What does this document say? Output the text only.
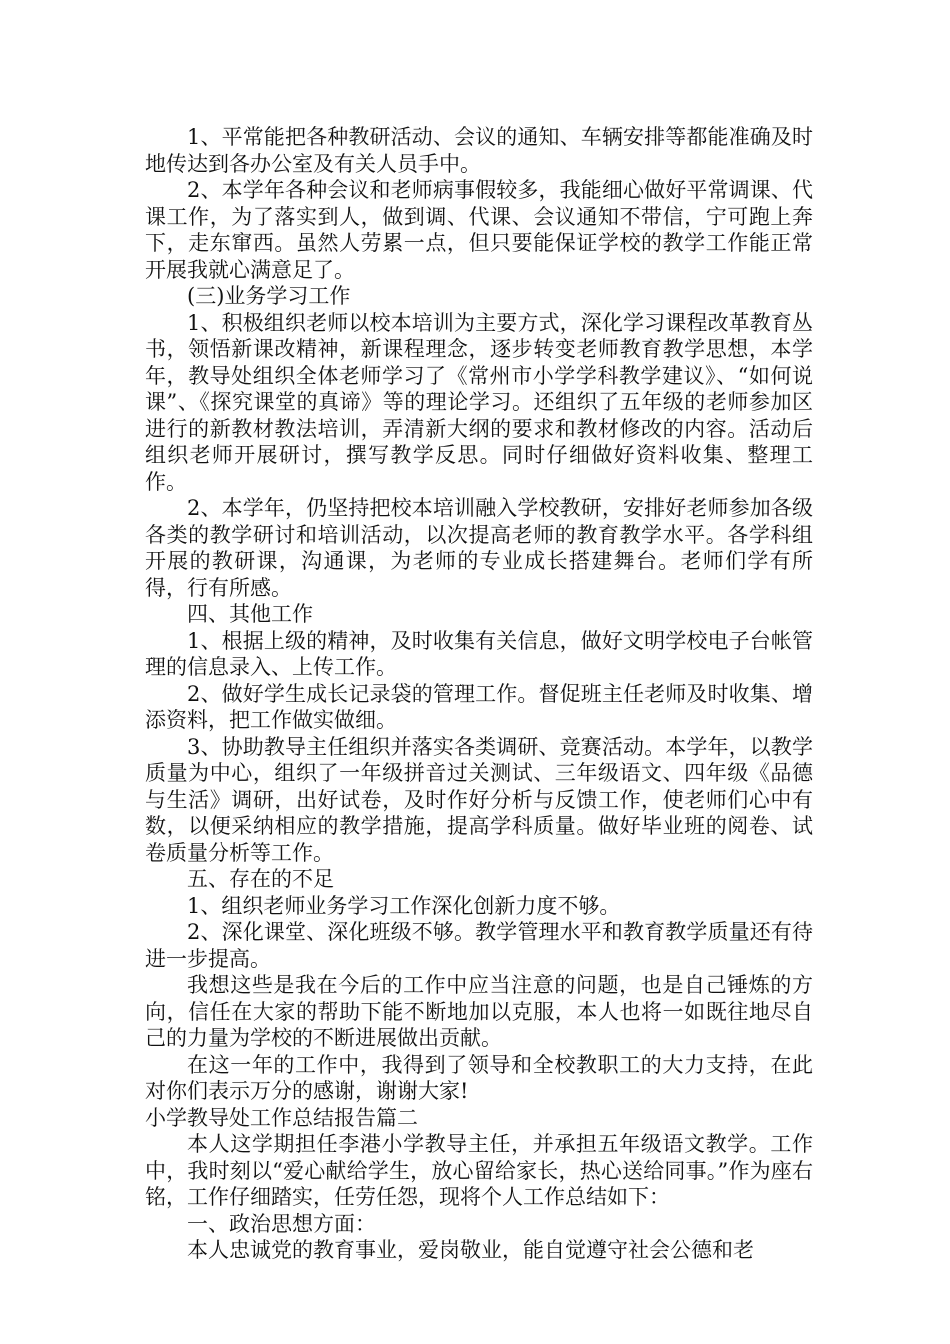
1、平常能把各种教研活动、会议的通知、车辆安排等都能准确及时地传达到各办公室及有关人员手中。

2、本学年各种会议和老师病事假较多，我能细心做好平常调课、代课工作，为了落实到人，做到调、代课、会议通知不带信，宁可跑上奔下，走东窜西。虽然人劳累一点，但只要能保证学校的教学工作能正常开展我就心满意足了。

(三)业务学习工作

1、积极组织老师以校本培训为主要方式，深化学习课程改革教育丛书，领悟新课改精神，新课程理念，逐步转变老师教育教学思想，本学年，教导处组织全体老师学习了《常州市小学学科教学建议》、“如何说课”、《探究课堂的真谛》等的理论学习。还组织了五年级的老师参加区进行的新教材教法培训，弄清新大纲的要求和教材修改的内容。活动后组织老师开展研讨，撰写教学反思。同时仔细做好资料收集、整理工作。

2、本学年，仍坚持把校本培训融入学校教研，安排好老师参加各级各类的教学研讨和培训活动，以次提高老师的教育教学水平。各学科组开展的教研课，沟通课，为老师的专业成长搭建舞台。老师们学有所得，行有所感。

四、其他工作

1、根据上级的精神，及时收集有关信息，做好文明学校电子台帐管理的信息录入、上传工作。

2、做好学生成长记录袋的管理工作。督促班主任老师及时收集、增添资料，把工作做实做细。

3、协助教导主任组织并落实各类调研、竞赛活动。本学年，以教学质量为中心，组织了一年级拼音过关测试、三年级语文、四年级《品德与生活》调研，出好试卷，及时作好分析与反馈工作，使老师们心中有数，以便采纳相应的教学措施，提高学科质量。做好毕业班的阅卷、试卷质量分析等工作。

五、存在的不足

1、组织老师业务学习工作深化创新力度不够。

2、深化课堂、深化班级不够。教学管理水平和教育教学质量还有待进一步提高。

我想这些是我在今后的工作中应当注意的问题，也是自己锤炼的方向，信任在大家的帮助下能不断地加以克服，本人也将一如既往地尽自己的力量为学校的不断进展做出贡献。

在这一年的工作中，我得到了领导和全校教职工的大力支持，在此对你们表示万分的感谢，谢谢大家!

小学教导处工作总结报告篇二

本人这学期担任李港小学教导主任，并承担五年级语文教学。工作中，我时刻以“爱心献给学生，放心留给家长，热心送给同事。”作为座右铭，工作仔细踏实，任劳任怨，现将个人工作总结如下：

一、政治思想方面：

本人忠诚党的教育事业，爱岗敬业，能自觉遵守社会公德和老
